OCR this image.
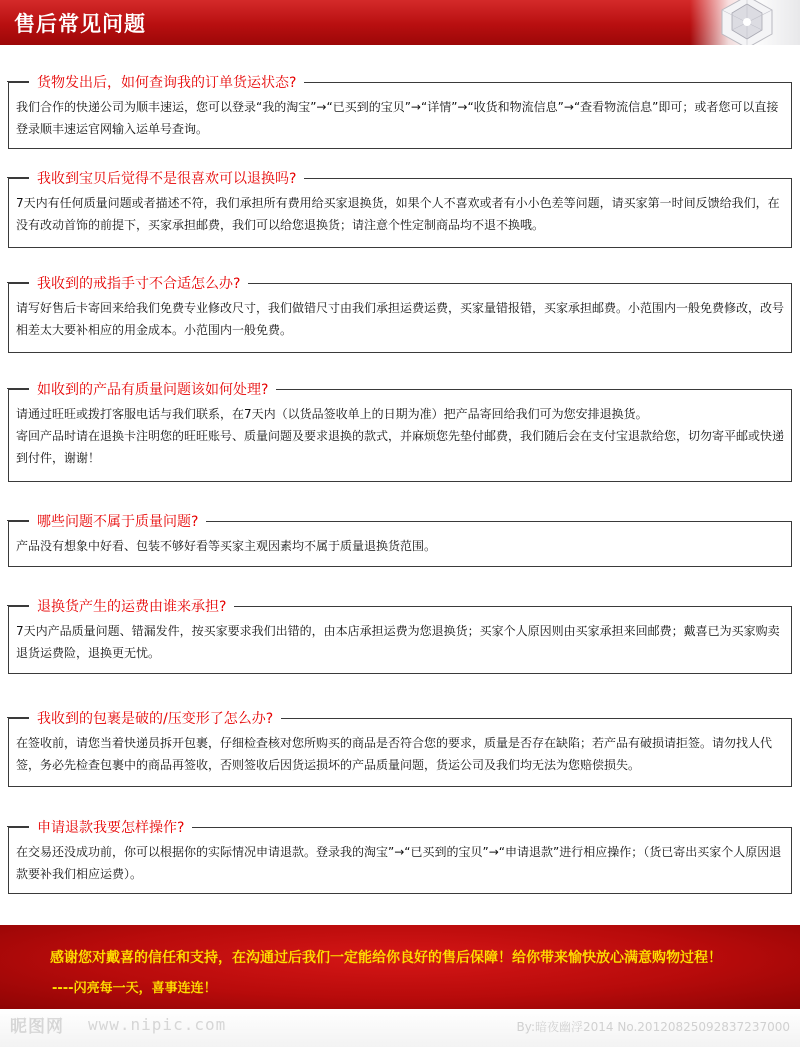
售后常见问题
货物发出后，如何查询我的订单货运状态?

我们合作的快递公司为顺丰速运，您可以登录“我的淘宝”→“已买到的宝贝”→“详情”→“收货和物流信息”→“查看物流信息”即可；或者您可以直接登录顺丰速运官网输入运单号查询。

我收到宝贝后觉得不是很喜欢可以退换吗?

7天内有任何质量问题或者描述不符，我们承担所有费用给买家退换货，如果个人不喜欢或者有小小色差等问题，请买家第一时间反馈给我们，在没有改动首饰的前提下，买家承担邮费，我们可以给您退换货；请注意个性定制商品均不退不换哦。

我收到的戒指手寸不合适怎么办?

请写好售后卡寄回来给我们免费专业修改尺寸，我们做错尺寸由我们承担运费运费，买家量错报错，买家承担邮费。小范围内一般免费修改，改号相差太大要补相应的用金成本。小范围内一般免费。

如收到的产品有质量问题该如何处理?

请通过旺旺或拨打客服电话与我们联系，在7天内（以货品签收单上的日期为准）把产品寄回给我们可为您安排退换货。

寄回产品时请在退换卡注明您的旺旺账号、质量问题及要求退换的款式，并麻烦您先垫付邮费，我们随后会在支付宝退款给您，切勿寄平邮或快递到付件，谢谢！

哪些问题不属于质量问题?

产品没有想象中好看、包装不够好看等买家主观因素均不属于质量退换货范围。

退换货产生的运费由谁来承担?

7天内产品质量问题、错漏发件，按买家要求我们出错的，由本店承担运费为您退换货；买家个人原因则由买家承担来回邮费；戴喜已为买家购卖退货运费险，退换更无忧。

我收到的包裹是破的/压变形了怎么办?

在签收前，请您当着快递员拆开包裹，仔细检查核对您所购买的商品是否符合您的要求，质量是否存在缺陷；若产品有破损请拒签。请勿找人代签，务必先检查包裹中的商品再签收，否则签收后因货运损坏的产品质量问题，货运公司及我们均无法为您赔偿损失。

申请退款我要怎样操作?

在交易还没成功前，你可以根据你的实际情况申请退款。登录我的淘宝”→“已买到的宝贝”→“申请退款”进行相应操作；（货已寄出买家个人原因退款要补我们相应运费）。

感谢您对戴喜的信任和支持，在沟通过后我们一定能给你良好的售后保障！给你带来愉快放心满意购物过程！
----闪亮每一天，喜事连连！
昵图网 www.nipic.com	By:暗夜幽浮2014 No.20120825092837237000
